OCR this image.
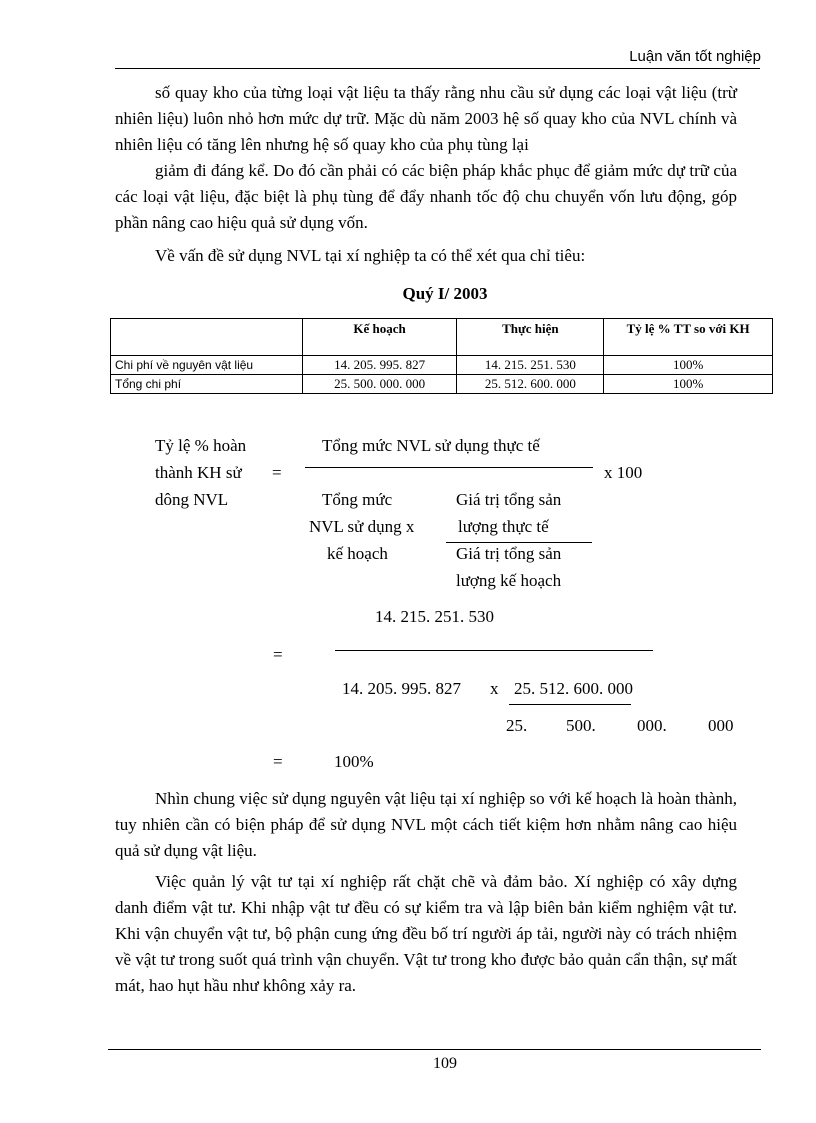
Luận văn tốt nghiệp

số quay kho của từng loại vật liệu ta thấy rằng nhu cầu sử dụng các loại vật liệu (trừ nhiên liệu) luôn nhỏ hơn mức dự trữ. Mặc dù năm 2003 hệ số quay kho của NVL chính và nhiên liệu có tăng lên nhưng hệ số quay kho của phụ tùng lại

giảm đi đáng kể. Do đó cần phải có các biện pháp khắc phục để giảm mức dự trữ của các loại vật liệu, đặc biệt là phụ tùng để đẩy nhanh tốc độ chu chuyển vốn lưu động, góp phần nâng cao hiệu quả sử dụng vốn.

Về vấn đề sử dụng NVL tại xí nghiệp ta có thể xét qua chỉ tiêu:

Quý I/ 2003
	Kế hoạch	Thực hiện	Tỷ lệ % TT so với KH
Chi phí về nguyên vật liệu	14. 205. 995. 827	14. 215. 251. 530	100%
Tổng chi phí	25. 500. 000. 000	25. 512. 600. 000	100%
Tỷ lệ % hoàn
thành KH sử
dông NVL
=
Tổng mức NVL sử dụng thực tế
x 100
Tổng mức
NVL sử dụng x
kế hoạch
Giá trị tổng sản
lượng thực tế
Giá trị tổng sản
lượng kế hoạch
14. 215. 251. 530
=
14. 205. 995. 827 x 25. 512. 600. 000
25. 500. 000. 000
=	100%

Nhìn chung việc sử dụng nguyên vật liệu tại xí nghiệp so với kế hoạch là hoàn thành, tuy nhiên cần có biện pháp để sử dụng NVL một cách tiết kiệm hơn nhằm nâng cao hiệu quả sử dụng vật liệu.

Việc quản lý vật tư tại xí nghiệp rất chặt chẽ và đảm bảo. Xí nghiệp có xây dựng danh điểm vật tư. Khi nhập vật tư đều có sự kiểm tra và lập biên bản kiểm nghiệm vật tư. Khi vận chuyển vật tư, bộ phận cung ứng đều bố trí người áp tải, người này có trách nhiệm về vật tư trong suốt quá trình vận chuyển. Vật tư trong kho được bảo quản cẩn thận, sự mất mát, hao hụt hầu như không xảy ra.

109
